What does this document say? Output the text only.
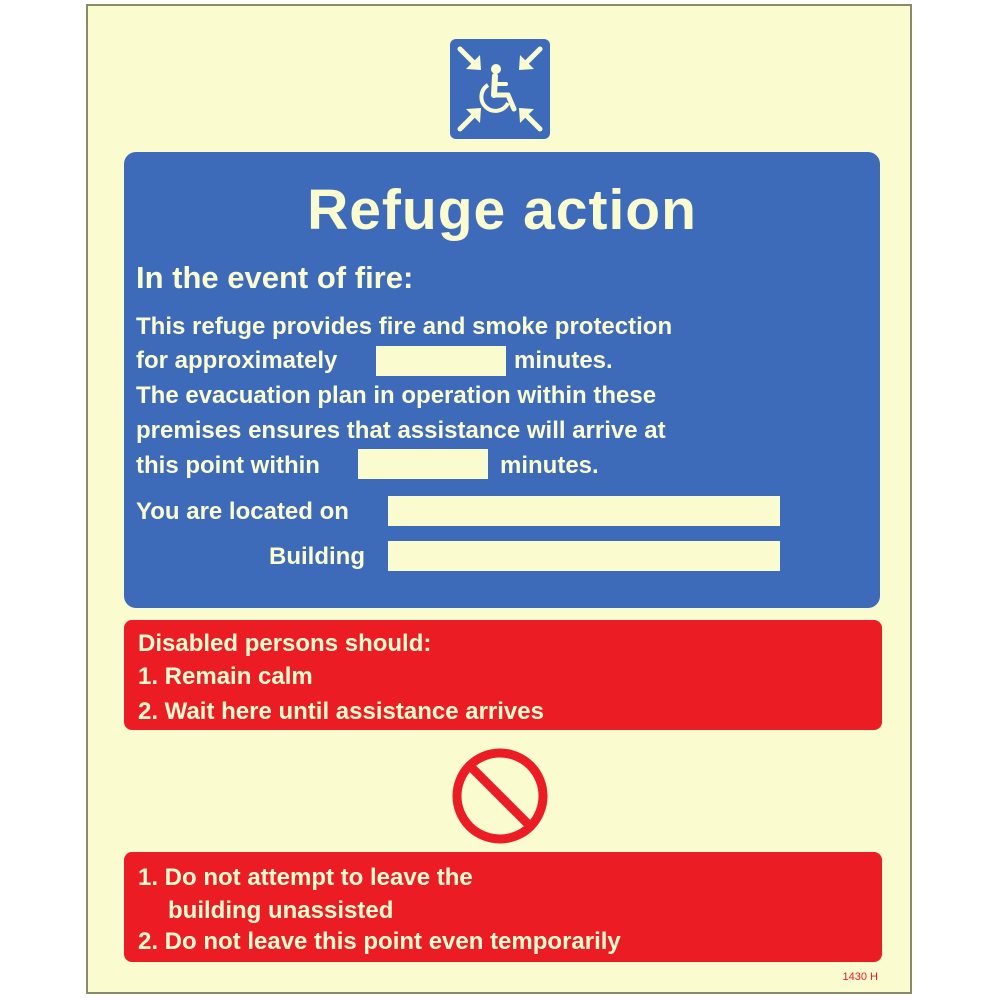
Refuge action
In the event of fire:
This refuge provides fire and smoke protection
for approximately	minutes.
The evacuation plan in operation within these
premises ensures that assistance will arrive at
this point within	minutes.
You are located on
Building
Disabled persons should:
1. Remain calm
2. Wait here until assistance arrives
1. Do not attempt to leave the
building unassisted
2. Do not leave this point even temporarily
1430 H
